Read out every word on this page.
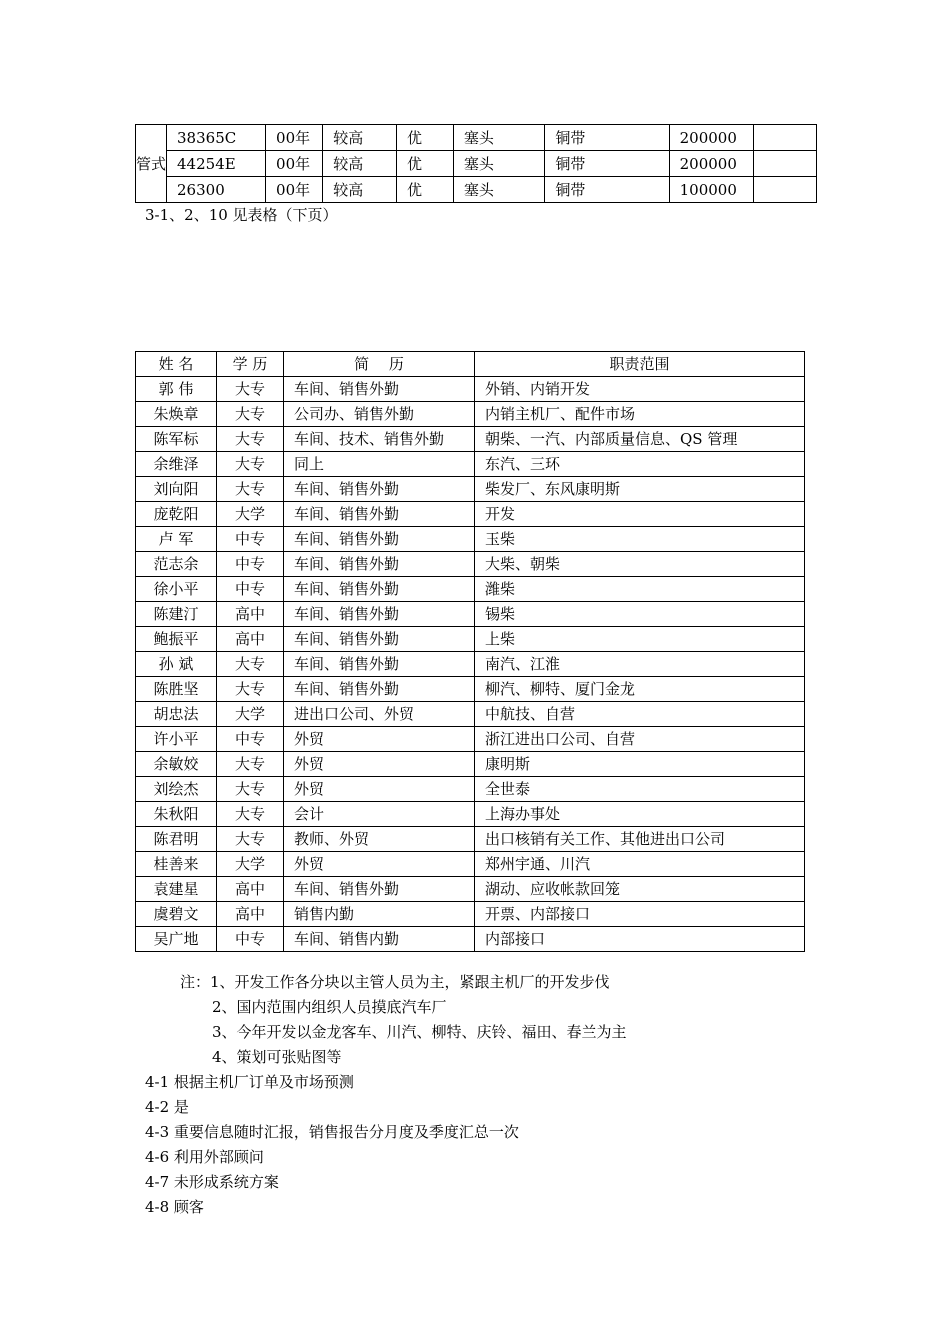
管式	38365C	00年	较高	优	塞头	铜带	200000	
	44254E	00年	较高	优	塞头	铜带	200000	
	26300	00年	较高	优	塞头	铜带	100000	
3-1、2、10 见表格（下页）
姓 名	学 历	简　 历	职责范围
郭 伟	大专	车间、销售外勤	外销、内销开发
朱焕章	大专	公司办、销售外勤	内销主机厂、配件市场
陈军标	大专	车间、技术、销售外勤	朝柴、一汽、内部质量信息、QS 管理
余维泽	大专	同上	东汽、三环
刘向阳	大专	车间、销售外勤	柴发厂、东风康明斯
庞乾阳	大学	车间、销售外勤	开发
卢 军	中专	车间、销售外勤	玉柴
范志余	中专	车间、销售外勤	大柴、朝柴
徐小平	中专	车间、销售外勤	潍柴
陈建汀	高中	车间、销售外勤	锡柴
鲍振平	高中	车间、销售外勤	上柴
孙 斌	大专	车间、销售外勤	南汽、江淮
陈胜坚	大专	车间、销售外勤	柳汽、柳特、厦门金龙
胡忠法	大学	进出口公司、外贸	中航技、自营
许小平	中专	外贸	浙江进出口公司、自营
余敏姣	大专	外贸	康明斯
刘绘杰	大专	外贸	全世泰
朱秋阳	大专	会计	上海办事处
陈君明	大专	教师、外贸	出口核销有关工作、其他进出口公司
桂善来	大学	外贸	郑州宇通、川汽
袁建星	高中	车间、销售外勤	湖动、应收帐款回笼
虞碧文	高中	销售内勤	开票、内部接口
吴广地	中专	车间、销售内勤	内部接口
注：1、开发工作各分块以主管人员为主，紧跟主机厂的开发步伐
2、国内范围内组织人员摸底汽车厂
3、今年开发以金龙客车、川汽、柳特、庆铃、福田、春兰为主
4、策划可张贴图等
4-1 根据主机厂订单及市场预测
4-2 是
4-3 重要信息随时汇报，销售报告分月度及季度汇总一次
4-6 利用外部顾问
4-7 未形成系统方案
4-8 顾客
